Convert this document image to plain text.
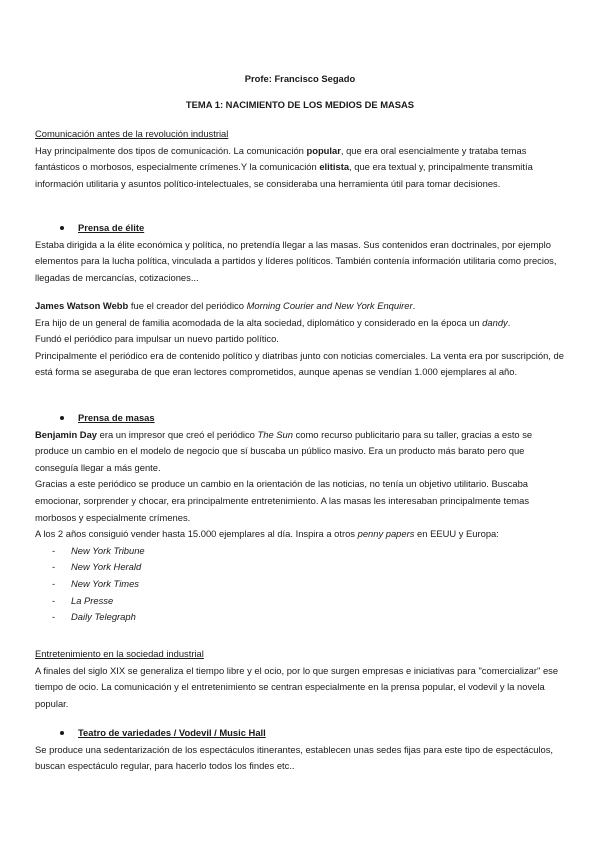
Profe: Francisco Segado
TEMA 1: NACIMIENTO DE LOS MEDIOS DE MASAS

Comunicación antes de la revolución industrial

Hay principalmente dos tipos de comunicación. La comunicación popular, que era oral esencialmente y trataba temas fantásticos o morbosos, especialmente crímenes.Y la comunicación elitista, que era textual y, principalmente transmitía información utilitaria y asuntos político-intelectuales, se consideraba una herramienta útil para tomar decisiones.

Prensa de élite

Estaba dirigida a la élite económica y política, no pretendía llegar a las masas. Sus contenidos eran doctrinales, por ejemplo elementos para la lucha política, vinculada a partidos y líderes políticos. También contenía información utilitaria como precios, llegadas de mercancías, cotizaciones...

James Watson Webb fue el creador del periódico Morning Courier and New York Enquirer.

Era hijo de un general de familia acomodada de la alta sociedad, diplomático y considerado en la época un dandy.

Fundó el periódico para impulsar un nuevo partido político.

Principalmente el periódico era de contenido político y diatribas junto con noticias comerciales. La venta era por suscripción, de está forma se aseguraba de que eran lectores comprometidos, aunque apenas se vendían 1.000 ejemplares al año.

Prensa de masas

Benjamin Day era un impresor que creó el periódico The Sun como recurso publicitario para su taller, gracias a esto se produce un cambio en el modelo de negocio que sí buscaba un público masivo. Era un producto más barato pero que conseguía llegar a más gente.

Gracias a este periódico se produce un cambio en la orientación de las noticias, no tenía un objetivo utilitario. Buscaba emocionar, sorprender y chocar, era principalmente entretenimiento. A las masas les interesaban principalmente temas morbosos y especialmente crímenes.

A los 2 años consiguió vender hasta 15.000 ejemplares al día. Inspira a otros penny papers en EEUU y Europa:

-	New York Tribune
-	New York Herald
-	New York Times
-	La Presse
-	Daily Telegraph

Entretenimiento en la sociedad industrial

A finales del siglo XIX se generaliza el tiempo libre y el ocio, por lo que surgen empresas e iniciativas para "comercializar" ese tiempo de ocio. La comunicación y el entretenimiento se centran especialmente en la prensa popular, el vodevil y la novela popular.

Teatro de variedades / Vodevil / Music Hall

Se produce una sedentarización de los espectáculos itinerantes, establecen unas sedes fijas para este tipo de espectáculos, buscan espectáculo regular, para hacerlo todos los findes etc..
